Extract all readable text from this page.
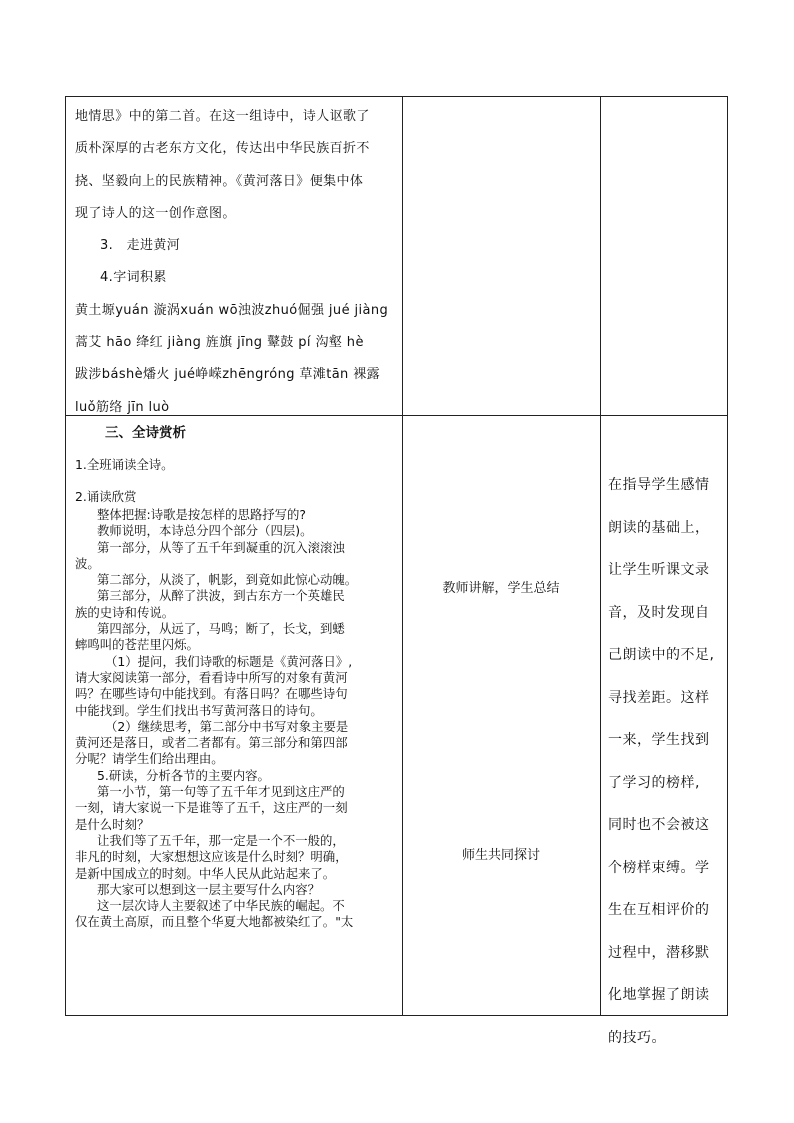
地情思》中的第二首。在这一组诗中，诗人讴歌了

质朴深厚的古老东方文化，传达出中华民族百折不

挠、坚毅向上的民族精神。《黄河落日》便集中体

现了诗人的这一创作意图。

3.　走进黄河

4.字词积累

黄土塬yuán 漩涡xuán wō浊波zhuó倔强 jué jiàng

蒿艾 hāo 绛红 jiàng 旌旗 jīng 鼙鼓 pí 沟壑 hè

跋涉báshè燔火 jué峥嵘zhēngróng 草滩tān 裸露

luǒ筋络 jīn luò

三、全诗赏析

1.全班诵读全诗。

2.诵读欣赏

整体把握:诗歌是按怎样的思路抒写的?

教师说明，本诗总分四个部分（四层)。

第一部分，从等了五千年到凝重的沉入滚滚浊

波。

第二部分，从淡了，帆影，到竟如此惊心动魄。

第三部分，从醉了洪波，到古东方一个英雄民

族的史诗和传说。

第四部分，从远了，马鸣；断了，长戈，到蟋

蟀鸣叫的苍茫里闪烁。

（1）提问，我们诗歌的标题是《黄河落日》,

请大家阅读第一部分，看看诗中所写的对象有黄河

吗？在哪些诗句中能找到。有落日吗？在哪些诗句

中能找到。学生们找出书写黄河落日的诗句。

（2）继续思考，第二部分中书写对象主要是

黄河还是落日，或者二者都有。第三部分和第四部

分呢？请学生们给出理由。

5.研读，分析各节的主要内容。

第一小节，第一句等了五千年才见到这庄严的

一刻，请大家说一下是谁等了五千，这庄严的一刻

是什么时刻？

让我们等了五千年，那一定是一个不一般的，

非凡的时刻，大家想想这应该是什么时刻？明确，

是新中国成立的时刻。中华人民从此站起来了。

那大家可以想到这一层主要写什么内容？

这一层次诗人主要叙述了中华民族的崛起。不

仅在黄土高原，而且整个华夏大地都被染红了。"太

教师讲解，学生总结
师生共同探讨

在指导学生感情

朗读的基础上，

让学生听课文录

音，及时发现自

己朗读中的不足,

寻找差距。这样

一来，学生找到

了学习的榜样,

同时也不会被这

个榜样束缚。学

生在互相评价的

过程中，潜移默

化地掌握了朗读

的技巧。
